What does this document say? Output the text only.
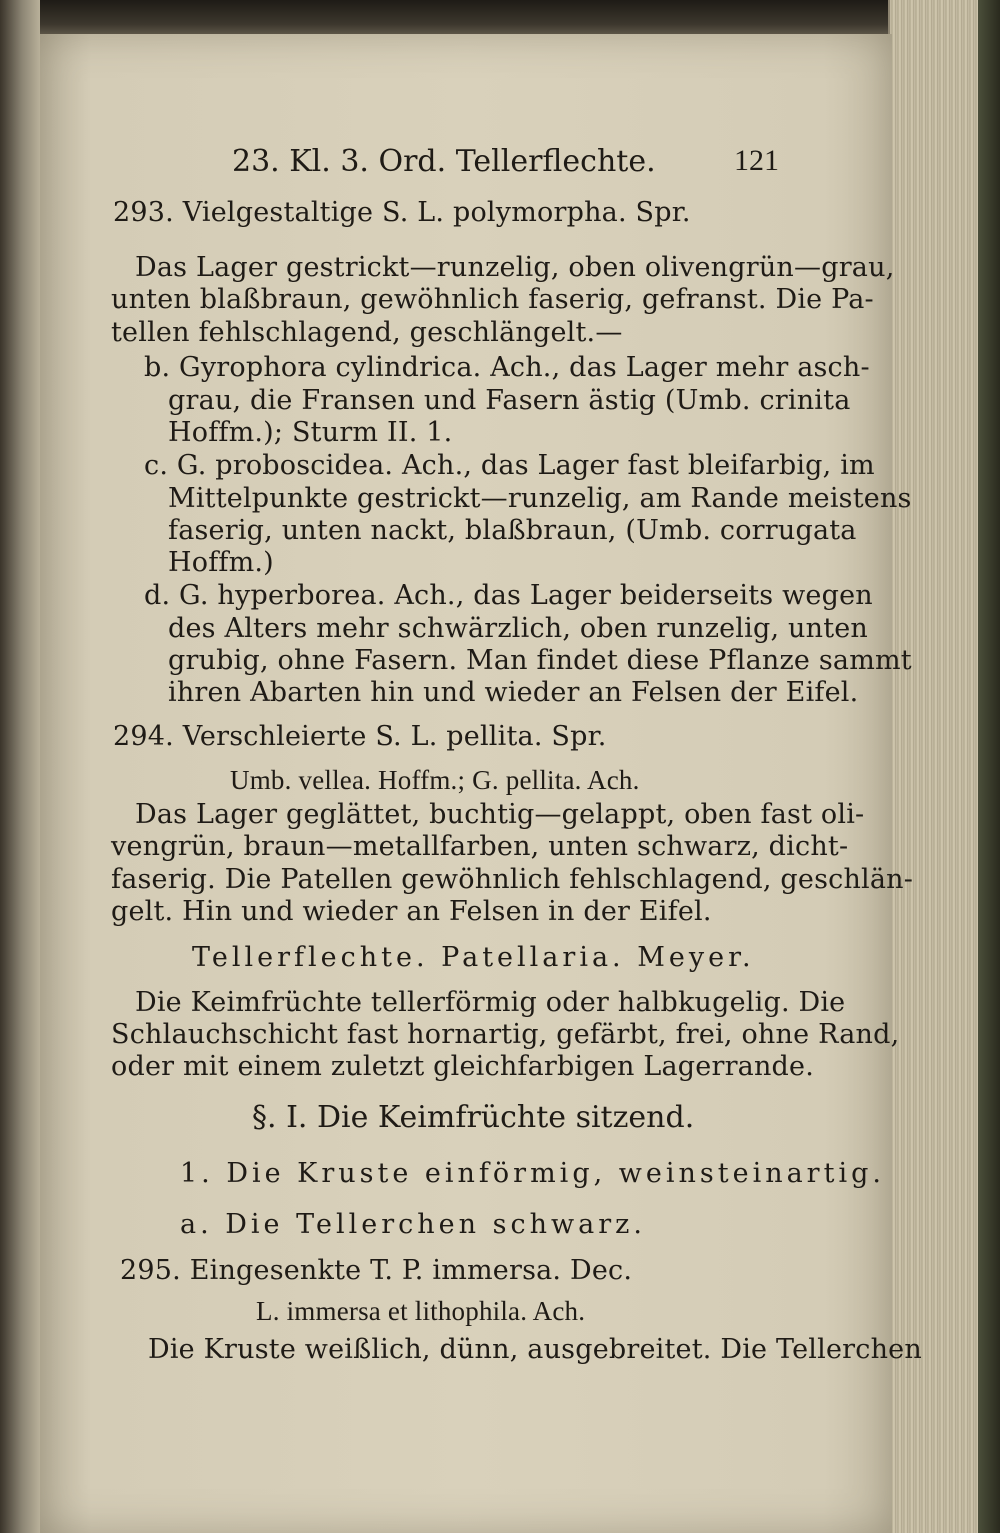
23. Kl. 3. Ord. Tellerflechte.	121
293. Vielgestaltige S. L. polymorpha. Spr.
Das Lager gestrickt—runzelig, oben olivengrün—grau,
unten blaßbraun, gewöhnlich faserig, gefranst. Die Pa-
tellen fehlschlagend, geschlängelt.—
b. Gyrophora cylindrica. Ach., das Lager mehr asch-
grau, die Fransen und Fasern ästig (Umb. crinita
Hoffm.); Sturm II. 1.
c. G. proboscidea. Ach., das Lager fast bleifarbig, im
Mittelpunkte gestrickt—runzelig, am Rande meistens
faserig, unten nackt, blaßbraun, (Umb. corrugata
Hoffm.)
d. G. hyperborea. Ach., das Lager beiderseits wegen
des Alters mehr schwärzlich, oben runzelig, unten
grubig, ohne Fasern. Man findet diese Pflanze sammt
ihren Abarten hin und wieder an Felsen der Eifel.
294. Verschleierte S. L. pellita. Spr.
Umb. vellea. Hoffm.; G. pellita. Ach.
Das Lager geglättet, buchtig—gelappt, oben fast oli-
vengrün, braun—metallfarben, unten schwarz, dicht-
faserig. Die Patellen gewöhnlich fehlschlagend, geschlän-
gelt. Hin und wieder an Felsen in der Eifel.
Tellerflechte. Patellaria. Meyer.
Die Keimfrüchte tellerförmig oder halbkugelig. Die
Schlauchschicht fast hornartig, gefärbt, frei, ohne Rand,
oder mit einem zuletzt gleichfarbigen Lagerrande.
§. I. Die Keimfrüchte sitzend.
1. Die Kruste einförmig, weinsteinartig.
a. Die Tellerchen schwarz.
295. Eingesenkte T. P. immersa. Dec.
L. immersa et lithophila. Ach.
Die Kruste weißlich, dünn, ausgebreitet. Die Tellerchen
